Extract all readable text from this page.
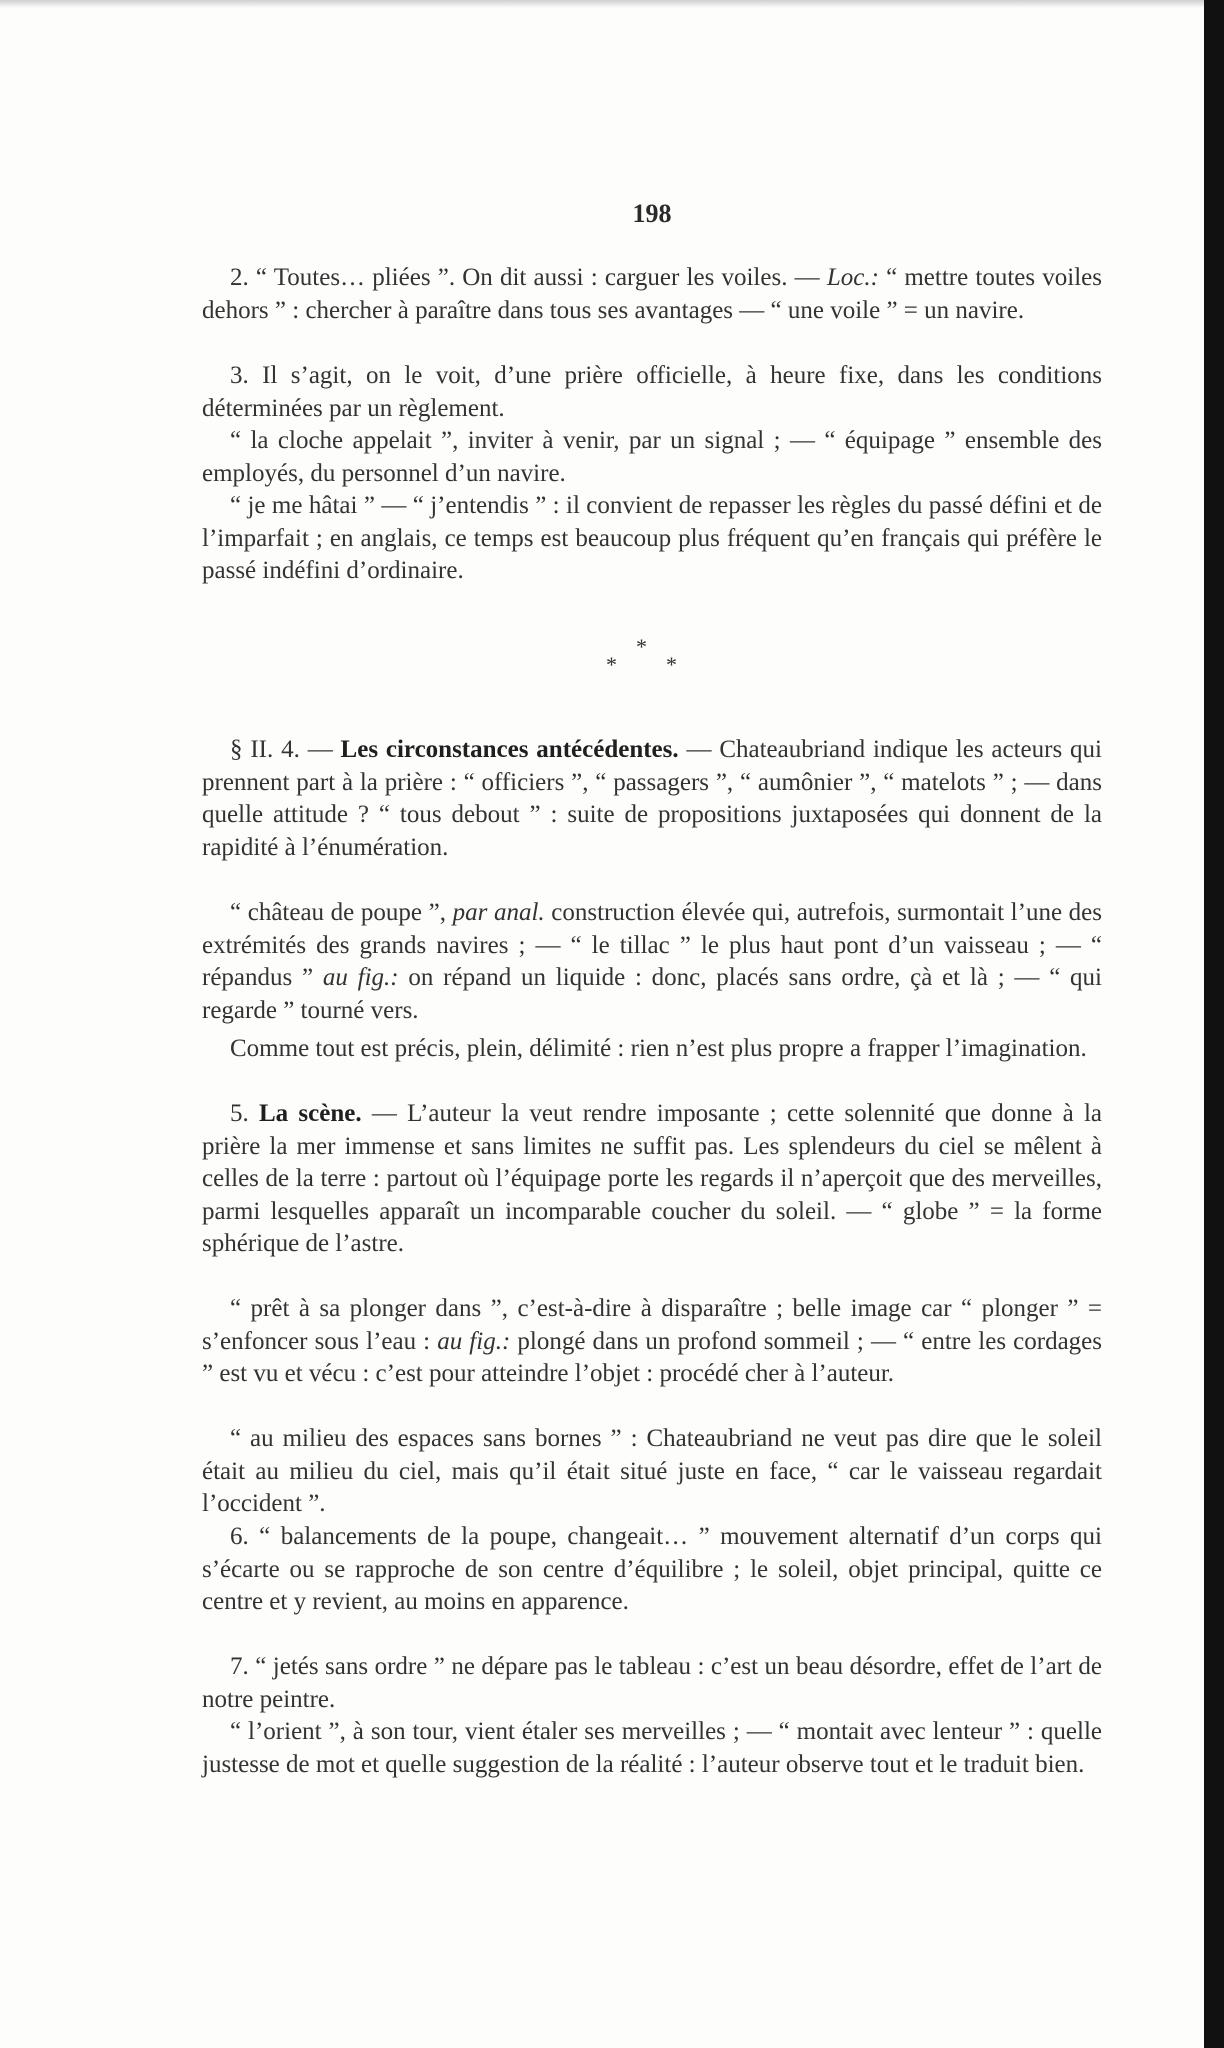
198

2. “ Toutes… pliées ”. On dit aussi : carguer les voiles. — Loc.: “ mettre toutes voiles dehors ” : chercher à paraître dans tous ses avantages — “ une voile ” = un navire.

3. Il s’agit, on le voit, d’une prière officielle, à heure fixe, dans les conditions déterminées par un règlement.

“ la cloche appelait ”, inviter à venir, par un signal ; — “ équipage ” ensemble des employés, du personnel d’un navire.

“ je me hâtai ” — “ j’entendis ” : il convient de repasser les règles du passé défini et de l’imparfait ; en anglais, ce temps est beaucoup plus fréquent qu’en français qui préfère le passé indéfini d’ordinaire.

*
*
*

§ II. 4. — Les circonstances antécédentes. — Chateaubriand indique les acteurs qui prennent part à la prière : “ officiers ”, “ passagers ”, “ aumônier ”, “ matelots ” ; — dans quelle attitude ? “ tous debout ” : suite de propositions juxtaposées qui donnent de la rapidité à l’énumération.

“ château de poupe ”, par anal. construction élevée qui, autrefois, surmontait l’une des extrémités des grands navires ; — “ le tillac ” le plus haut pont d’un vaisseau ; — “ répandus ” au fig.: on répand un liquide : donc, placés sans ordre, çà et là ; — “ qui regarde ” tourné vers.

Comme tout est précis, plein, délimité : rien n’est plus propre a frapper l’imagination.

5. La scène. — L’auteur la veut rendre imposante ; cette solennité que donne à la prière la mer immense et sans limites ne suffit pas. Les splendeurs du ciel se mêlent à celles de la terre : partout où l’équipage porte les regards il n’aperçoit que des merveilles, parmi lesquelles apparaît un incomparable coucher du soleil. — “ globe ” = la forme sphérique de l’astre.

“ prêt à sa plonger dans ”, c’est-à-dire à disparaître ; belle image car “ plonger ” = s’enfoncer sous l’eau : au fig.: plongé dans un profond sommeil ; — “ entre les cordages ” est vu et vécu : c’est pour atteindre l’objet : procédé cher à l’auteur.

“ au milieu des espaces sans bornes ” : Chateaubriand ne veut pas dire que le soleil était au milieu du ciel, mais qu’il était situé juste en face, “ car le vaisseau regardait l’occident ”.

6. “ balancements de la poupe, changeait… ” mouvement alternatif d’un corps qui s’écarte ou se rapproche de son centre d’équilibre ; le soleil, objet principal, quitte ce centre et y revient, au moins en apparence.

7. “ jetés sans ordre ” ne dépare pas le tableau : c’est un beau désordre, effet de l’art de notre peintre.

“ l’orient ”, à son tour, vient étaler ses merveilles ; — “ montait avec lenteur ” : quelle justesse de mot et quelle suggestion de la réalité : l’auteur observe tout et le traduit bien.
